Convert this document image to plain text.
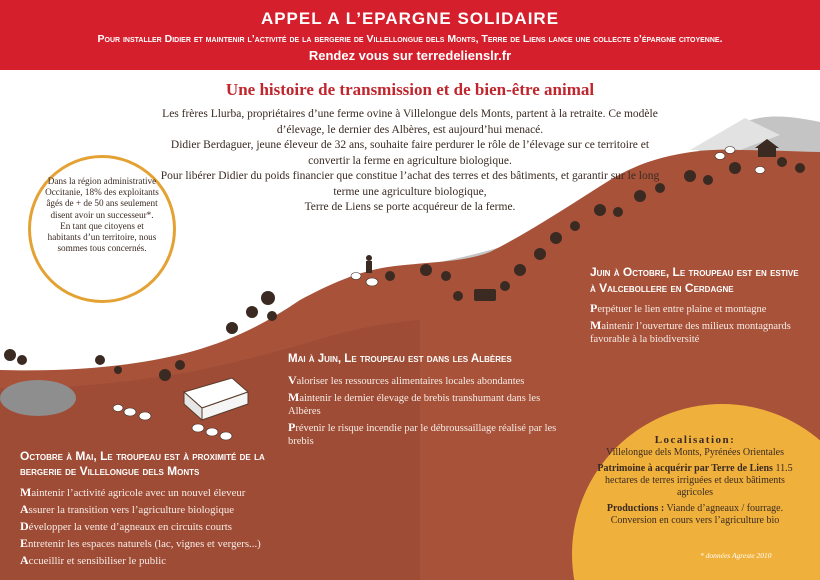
APPEL A L’EPARGNE SOLIDAIRE
Pour installer Didier et maintenir l’activité de la bergerie de Villellongue dels Monts, Terre de Liens lance une collecte d’épargne citoyenne.
Rendez vous sur terredelienslr.fr
Une histoire de transmission et de bien-être animal

Les frères Llurba, propriétaires d’une ferme ovine à Villelongue dels Monts, partent à la retraite. Ce modèle d’élevage, le dernier des Albères, est aujourd’hui menacé.

Didier Berdaguer, jeune éleveur de 32 ans, souhaite faire perdurer le rôle de l’élevage sur ce territoire et convertir la ferme en agriculture biologique.

Pour libérer Didier du poids financier que constitue l’achat des terres et des bâtiments, et garantir sur le long terme une agriculture biologique,

Terre de Liens se porte acquéreur de la ferme.

Dans la région administrative Occitanie, 18% des exploitants âgés de + de 50 ans seulement disent avoir un successeur*. En tant que citoyens et habitants d’un territoire, nous sommes tous concernés.
Octobre à Mai, Le troupeau est à proximité de la bergerie de Villelongue dels Monts
Maintenir l’activité agricole avec un nouvel éleveur
Assurer la transition vers l’agriculture biologique
Développer la vente d’agneaux en circuits courts
Entretenir les espaces naturels (lac, vignes et vergers...)
Accueillir et sensibiliser le public
Mai à Juin, Le troupeau est dans les Albères
Valoriser les ressources alimentaires locales abondantes
Maintenir le dernier élevage de brebis transhumant dans les Albères
Prévenir le risque incendie par le débroussaillage réalisé par les brebis
Juin à Octobre, Le troupeau est en estive à Valcebollere en Cerdagne
Perpétuer le lien entre plaine et montagne
Maintenir l’ouverture des milieux montagnards favorable à la biodiversité
Localisation:
Villelongue dels Monts, Pyrénées Orientales
Patrimoine à acquérir par Terre de Liens 11.5 hectares de terres irriguées et deux bâtiments agricoles
Productions : Viande d’agneaux / fourrage. Conversion en cours vers l’agriculture bio
* données Agreste 2010
